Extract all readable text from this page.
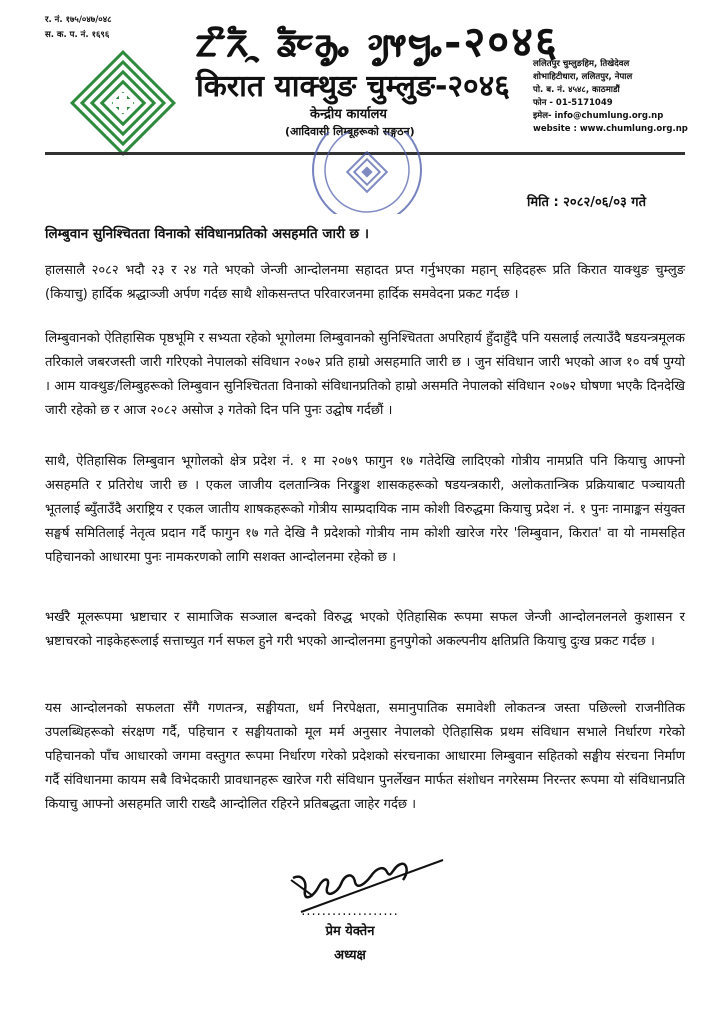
र. नं. १७५/०४७/०४८
स. क. प. नं. १६९६ ᤁᤡᤖᤠᤳ ᤕᤠᤰᤌᤢᤱ ᤆᤢᤶᤗᤢᤱ-२०४६
किरात याक्थुङ चुम्लुङ-२०४६
केन्द्रीय कार्यालय
(आदिवासी लिम्बूहरूको सङ्गठन)
ललितपुर चुम्लुङहिम, तिखेदेवल
शोभाहिटीधारा, ललितपुर, नेपाल
पो. ब. नं. ४५४८, काठमाडौं
फोन - 01-5171049
इमेल- info@chumlung.org.np
website : www.chumlung.org.np
मिति : २०८२/०६/०३ गते
लिम्बुवान सुनिश्चितता विनाको संविधानप्रतिको असहमति जारी छ ।
हालसालै २०८२ भदौ २३ र २४ गते भएको जेन्जी आन्दोलनमा सहादत प्रप्त गर्नुभएका महान् सहिदहरू प्रति किरात याक्थुङ चुम्लुङ (कियाचु) हार्दिक श्रद्धाञ्जी अर्पण गर्दछ साथै शोकसन्तप्त परिवारजनमा हार्दिक समवेदना प्रकट गर्दछ ।
लिम्बुवानको ऐतिहासिक पृष्ठभूमि र सभ्यता रहेको भूगोलमा लिम्बुवानको सुनिश्चितता अपरिहार्य हुँदाहुँदै पनि यसलाई लत्याउँदै षडयन्त्रमूलक तरिकाले जबरजस्ती जारी गरिएको नेपालको संविधान २०७२ प्रति हाम्रो असहमाति जारी छ । जुन संविधान जारी भएको आज १० वर्ष पुग्यो । आम याक्थुङ/लिम्बुहरूको लिम्बुवान सुनिश्चितता विनाको संविधानप्रतिको हाम्रो असमति नेपालको संविधान २०७२ घोषणा भएकै दिनदेखि जारी रहेको छ र आज २०८२ असोज ३ गतेको दिन पनि पुनः उद्घोष गर्दछौं ।
साथै, ऐतिहासिक लिम्बुवान भूगोलको क्षेत्र प्रदेश नं. १ मा २०७९ फागुन १७ गतेदेखि लादिएको गोत्रीय नामप्रति पनि कियाचु आफ्नो असहमति र प्रतिरोध जारी छ । एकल जाजीय दलतान्त्रिक निरङ्कुश शासकहरूको षडयन्त्रकारी, अलोकतान्त्रिक प्रक्रियाबाट पञ्चायती भूतलाई ब्युँताउँदै अराष्ट्रिय र एकल जातीय शाषकहरूको गोत्रीय साम्प्रदायिक नाम कोशी विरुद्धमा कियाचु प्रदेश नं. १ पुनः नामाङ्कन संयुक्त सङ्घर्ष समितिलाई नेतृत्व प्रदान गर्दै फागुन १७ गते देखि नै प्रदेशको गोत्रीय नाम कोशी खारेज गरेर 'लिम्बुवान, किरात' वा यो नामसहित पहिचानको आधारमा पुनः नामकरणको लागि सशक्त आन्दोलनमा रहेको छ ।
भर्खरै मूलरूपमा भ्रष्टाचार र सामाजिक सञ्जाल बन्दको विरुद्ध भएको ऐतिहासिक रूपमा सफल जेन्जी आन्दोलनलनले कुशासन र भ्रष्टाचरको नाइकेहरूलाई सत्ताच्युत गर्न सफल हुने गरी भएको आन्दोलनमा हुनपुगेको अकल्पनीय क्षतिप्रति कियाचु दुःख प्रकट गर्दछ ।
यस आन्दोलनको सफलता सँगै गणतन्त्र, सङ्घीयता, धर्म निरपेक्षता, समानुपातिक समावेशी लोकतन्त्र जस्ता पछिल्लो राजनीतिक उपलब्धिहरूको संरक्षण गर्दै, पहिचान र सङ्घीयताको मूल मर्म अनुसार नेपालको ऐतिहासिक प्रथम संविधान सभाले निर्धारण गरेको पहिचानको पाँच आधारको जगमा वस्तुगत रूपमा निर्धारण गरेको प्रदेशको संरचनाका आधारमा लिम्बुवान सहितको सङ्घीय संरचना निर्माण गर्दै संविधानमा कायम सबै विभेदकारी प्रावधानहरू खारेज गरी संविधान पुनर्लेखन मार्फत संशोधन नगरेसम्म निरन्तर रूपमा यो संविधानप्रति कियाचु आफ्नो असहमति जारी राख्दै आन्दोलित रहिरने प्रतिबद्धता जाहेर गर्दछ ।
...................
प्रेम येक्तेन
अध्यक्ष
